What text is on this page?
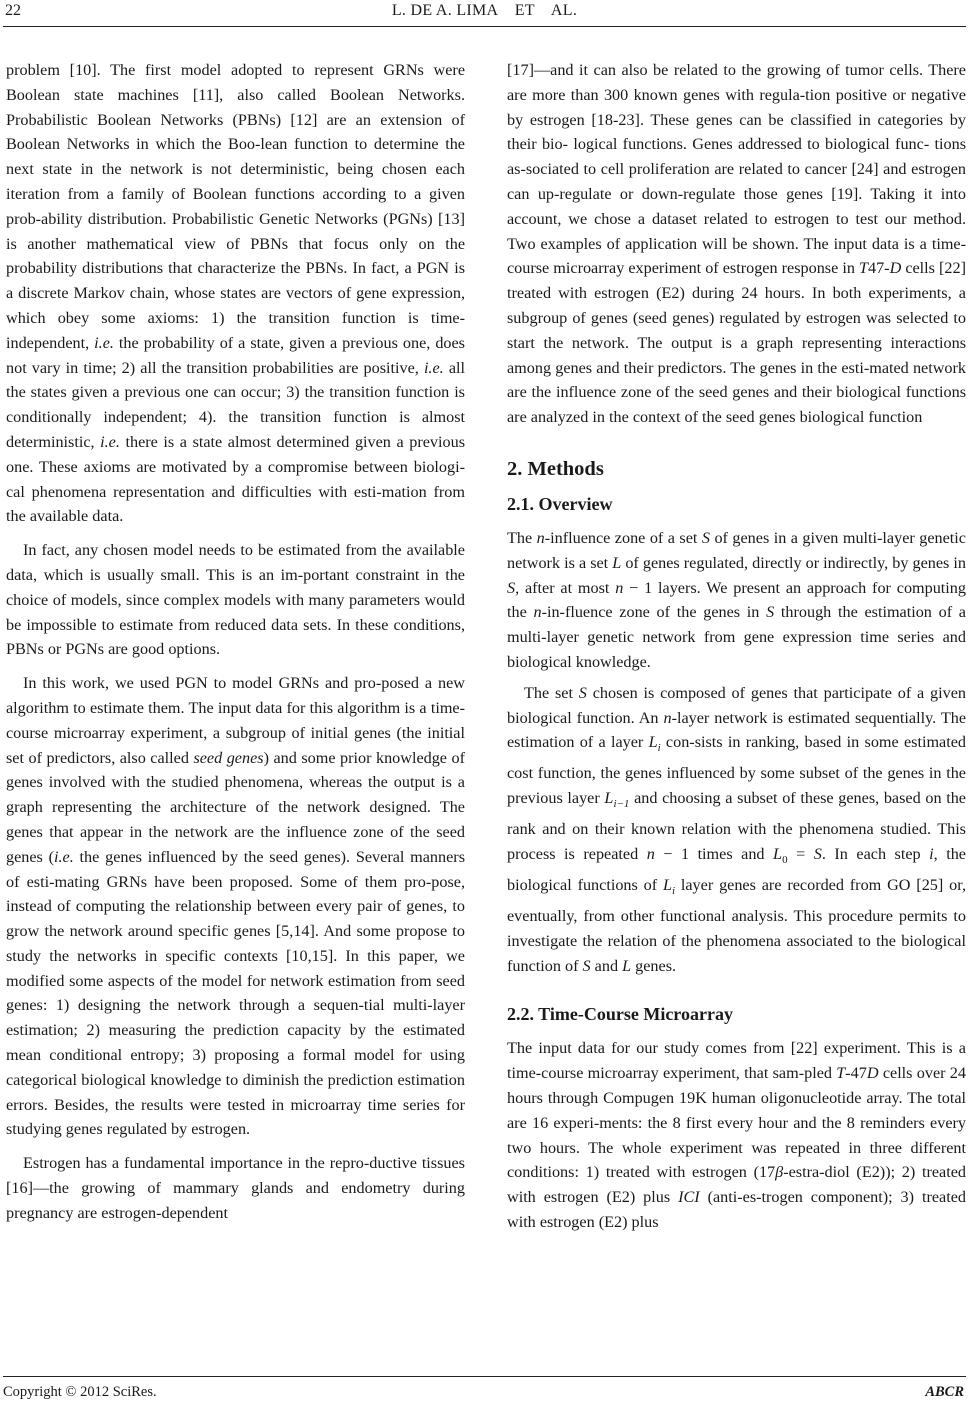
22	L. DE A. LIMA    ET    AL.

problem [10]. The first model adopted to represent GRNs were Boolean state machines [11], also called Boolean Networks. Probabilistic Boolean Networks (PBNs) [12] are an extension of Boolean Networks in which the Boo-lean function to determine the next state in the network is not deterministic, being chosen each iteration from a family of Boolean functions according to a given prob-ability distribution. Probabilistic Genetic Networks (PGNs) [13] is another mathematical view of PBNs that focus only on the probability distributions that characterize the PBNs. In fact, a PGN is a discrete Markov chain, whose states are vectors of gene expression, which obey some axioms: 1) the transition function is time-independent, i.e. the probability of a state, given a previous one, does not vary in time; 2) all the transition probabilities are positive, i.e. all the states given a previous one can occur; 3) the transition function is conditionally independent; 4). the transition function is almost deterministic, i.e. there is a state almost determined given a previous one. These axioms are motivated by a compromise between biologi-cal phenomena representation and difficulties with esti-mation from the available data.

In fact, any chosen model needs to be estimated from the available data, which is usually small. This is an im-portant constraint in the choice of models, since complex models with many parameters would be impossible to estimate from reduced data sets. In these conditions, PBNs or PGNs are good options.

In this work, we used PGN to model GRNs and pro-posed a new algorithm to estimate them. The input data for this algorithm is a time-course microarray experiment, a subgroup of initial genes (the initial set of predictors, also called seed genes) and some prior knowledge of genes involved with the studied phenomena, whereas the output is a graph representing the architecture of the network designed. The genes that appear in the network are the influence zone of the seed genes (i.e. the genes influenced by the seed genes). Several manners of esti-mating GRNs have been proposed. Some of them pro-pose, instead of computing the relationship between every pair of genes, to grow the network around specific genes [5,14]. And some propose to study the networks in specific contexts [10,15]. In this paper, we modified some aspects of the model for network estimation from seed genes: 1) designing the network through a sequen-tial multi-layer estimation; 2) measuring the prediction capacity by the estimated mean conditional entropy; 3) proposing a formal model for using categorical biological knowledge to diminish the prediction estimation errors. Besides, the results were tested in microarray time series for studying genes regulated by estrogen.

Estrogen has a fundamental importance in the repro-ductive tissues [16]—the growing of mammary glands and endometry during pregnancy are estrogen-dependent

[17]—and it can also be related to the growing of tumor cells. There are more than 300 known genes with regula-tion positive or negative by estrogen [18-23]. These genes can be classified in categories by their bio- logical functions. Genes addressed to biological func- tions as-sociated to cell proliferation are related to cancer [24] and estrogen can up-regulate or down-regulate those genes [19]. Taking it into account, we chose a dataset related to estrogen to test our method. Two examples of application will be shown. The input data is a time-course microarray experiment of estrogen response in T47-D cells [22] treated with estrogen (E2) during 24 hours. In both experiments, a subgroup of genes (seed genes) regulated by estrogen was selected to start the network. The output is a graph representing interactions among genes and their predictors. The genes in the esti-mated network are the influence zone of the seed genes and their biological functions are analyzed in the context of the seed genes biological function

2. Methods
2.1. Overview

The n-influence zone of a set S of genes in a given multi-layer genetic network is a set L of genes regulated, directly or indirectly, by genes in S, after at most n − 1 layers. We present an approach for computing the n-in-fluence zone of the genes in S through the estimation of a multi-layer genetic network from gene expression time series and biological knowledge.

The set S chosen is composed of genes that participate of a given biological function. An n-layer network is estimated sequentially. The estimation of a layer $L_i$ con-sists in ranking, based in some estimated cost function, the genes influenced by some subset of the genes in the previous layer $L_{i-1}$ and choosing a subset of these genes, based on the rank and on their known relation with the phenomena studied. This process is repeated n − 1 times and $L_0 = S$. In each step i, the biological functions of $L_i$ layer genes are recorded from GO [25] or, eventually, from other functional analysis. This procedure permits to investigate the relation of the phenomena associated to the biological function of S and L genes.

2.2. Time-Course Microarray

The input data for our study comes from [22] experiment. This is a time-course microarray experiment, that sam-pled T-47D cells over 24 hours through Compugen 19K human oligonucleotide array. The total are 16 experi-ments: the 8 first every hour and the 8 reminders every two hours. The whole experiment was repeated in three different conditions: 1) treated with estrogen (17β-estra-diol (E2)); 2) treated with estrogen (E2) plus ICI (anti-es-trogen component); 3) treated with estrogen (E2) plus

Copyright © 2012 SciRes.	ABCR
